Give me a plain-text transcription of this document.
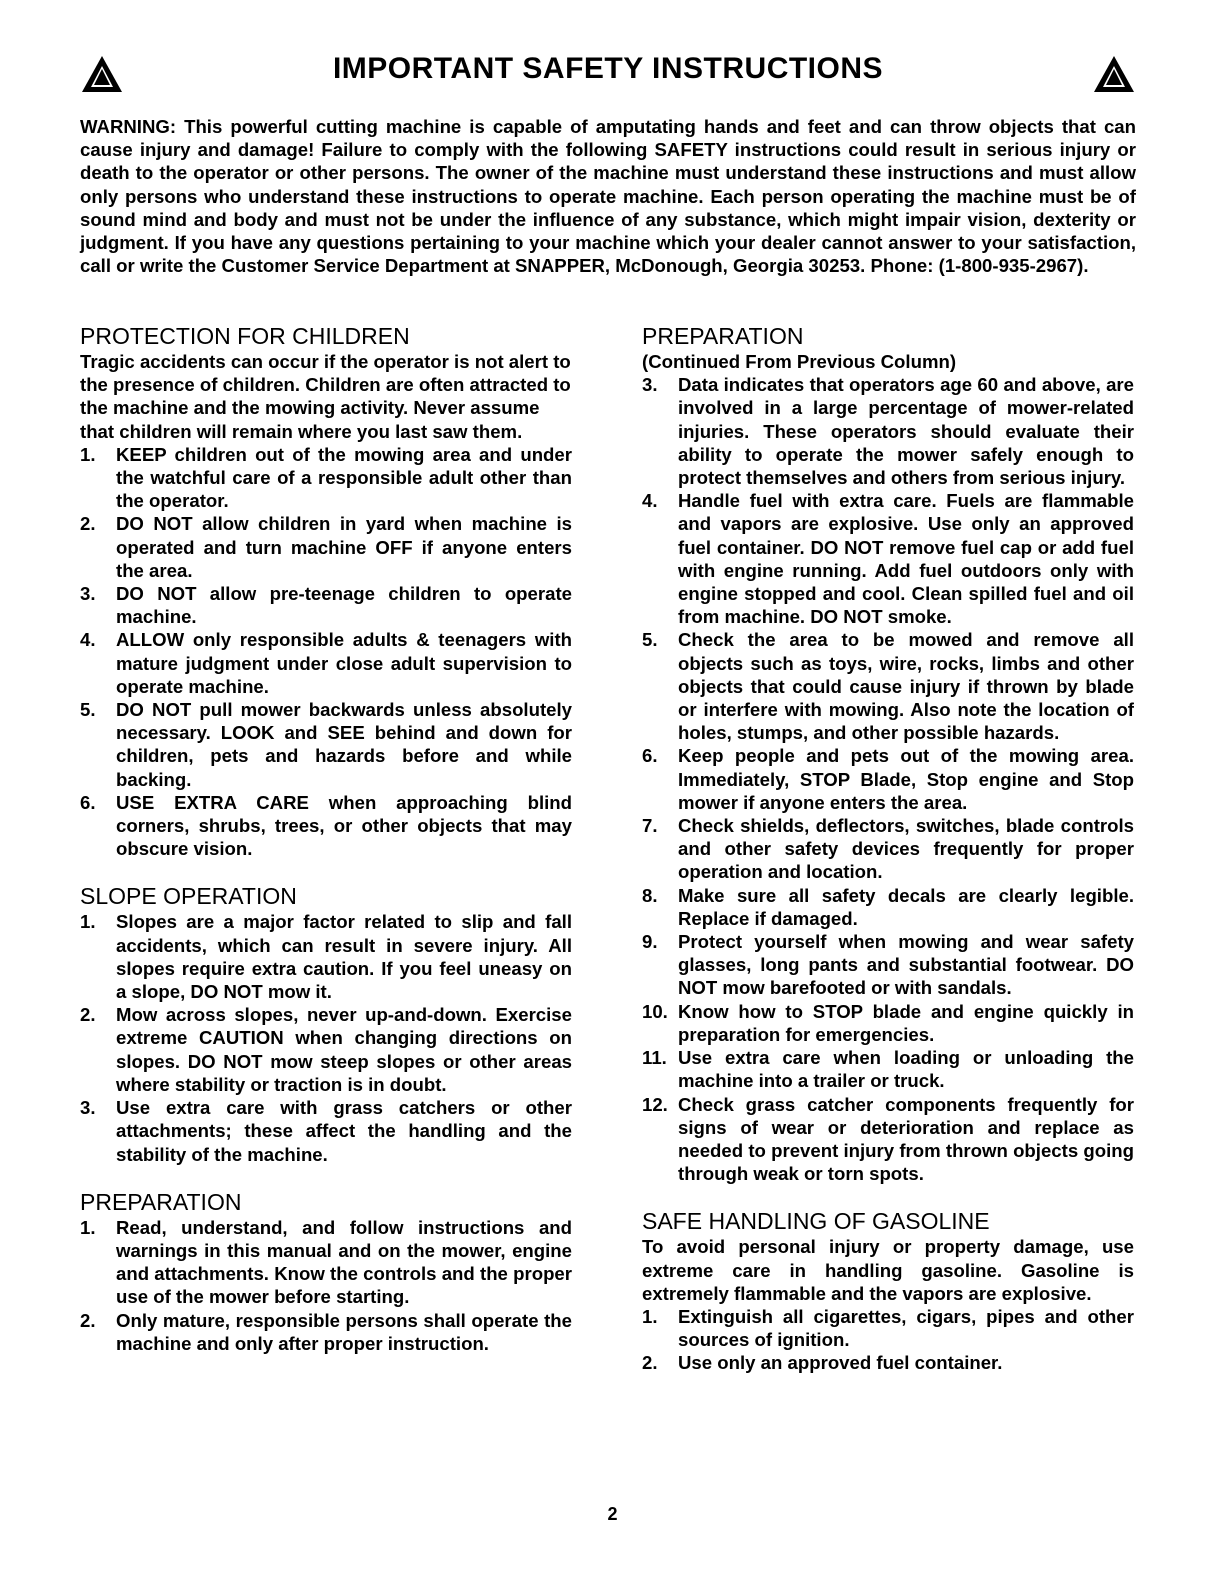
IMPORTANT SAFETY INSTRUCTIONS

WARNING: This powerful cutting machine is capable of amputating hands and feet and can throw objects that can cause injury and damage! Failure to comply with the following SAFETY instructions could result in serious injury or death to the operator or other persons. The owner of the machine must understand these instructions and must allow only persons who understand these instructions to operate machine. Each person operating the machine must be of sound mind and body and must not be under the influence of any substance, which might impair vision, dexterity or judgment. If you have any questions pertaining to your machine which your dealer cannot answer to your satisfaction, call or write the Customer Service Department at SNAPPER, McDonough, Georgia 30253. Phone: (1-800-935-2967).

PROTECTION FOR CHILDREN

Tragic accidents can occur if the operator is not alert to the presence of children. Children are often attracted to the machine and the mowing activity. Never assume that children will remain where you last saw them.

1. KEEP children out of the mowing area and under the watchful care of a responsible adult other than the operator.
2. DO NOT allow children in yard when machine is operated and turn machine OFF if anyone enters the area.
3. DO NOT allow pre-teenage children to operate machine.
4. ALLOW only responsible adults & teenagers with mature judgment under close adult supervision to operate machine.
5. DO NOT pull mower backwards unless absolutely necessary. LOOK and SEE behind and down for children, pets and hazards before and while backing.
6. USE EXTRA CARE when approaching blind corners, shrubs, trees, or other objects that may obscure vision.
SLOPE OPERATION
1. Slopes are a major factor related to slip and fall accidents, which can result in severe injury. All slopes require extra caution. If you feel uneasy on a slope, DO NOT mow it.
2. Mow across slopes, never up-and-down. Exercise extreme CAUTION when changing directions on slopes. DO NOT mow steep slopes or other areas where stability or traction is in doubt.
3. Use extra care with grass catchers or other attachments; these affect the handling and the stability of the machine.
PREPARATION
1. Read, understand, and follow instructions and warnings in this manual and on the mower, engine and attachments. Know the controls and the proper use of the mower before starting.
2. Only mature, responsible persons shall operate the machine and only after proper instruction.
PREPARATION

(Continued From Previous Column)

3. Data indicates that operators age 60 and above, are involved in a large percentage of mower-related injuries. These operators should evaluate their ability to operate the mower safely enough to protect themselves and others from serious injury.
4. Handle fuel with extra care. Fuels are flammable and vapors are explosive. Use only an approved fuel container. DO NOT remove fuel cap or add fuel with engine running. Add fuel outdoors only with engine stopped and cool. Clean spilled fuel and oil from machine. DO NOT smoke.
5. Check the area to be mowed and remove all objects such as toys, wire, rocks, limbs and other objects that could cause injury if thrown by blade or interfere with mowing. Also note the location of holes, stumps, and other possible hazards.
6. Keep people and pets out of the mowing area. Immediately, STOP Blade, Stop engine and Stop mower if anyone enters the area.
7. Check shields, deflectors, switches, blade controls and other safety devices frequently for proper operation and location.
8. Make sure all safety decals are clearly legible. Replace if damaged.
9. Protect yourself when mowing and wear safety glasses, long pants and substantial footwear. DO NOT mow barefooted or with sandals.
10. Know how to STOP blade and engine quickly in preparation for emergencies.
11. Use extra care when loading or unloading the machine into a trailer or truck.
12. Check grass catcher components frequently for signs of wear or deterioration and replace as needed to prevent injury from thrown objects going through weak or torn spots.
SAFE HANDLING OF GASOLINE

To avoid personal injury or property damage, use extreme care in handling gasoline. Gasoline is extremely flammable and the vapors are explosive.

1. Extinguish all cigarettes, cigars, pipes and other sources of ignition.
2. Use only an approved fuel container.
2
